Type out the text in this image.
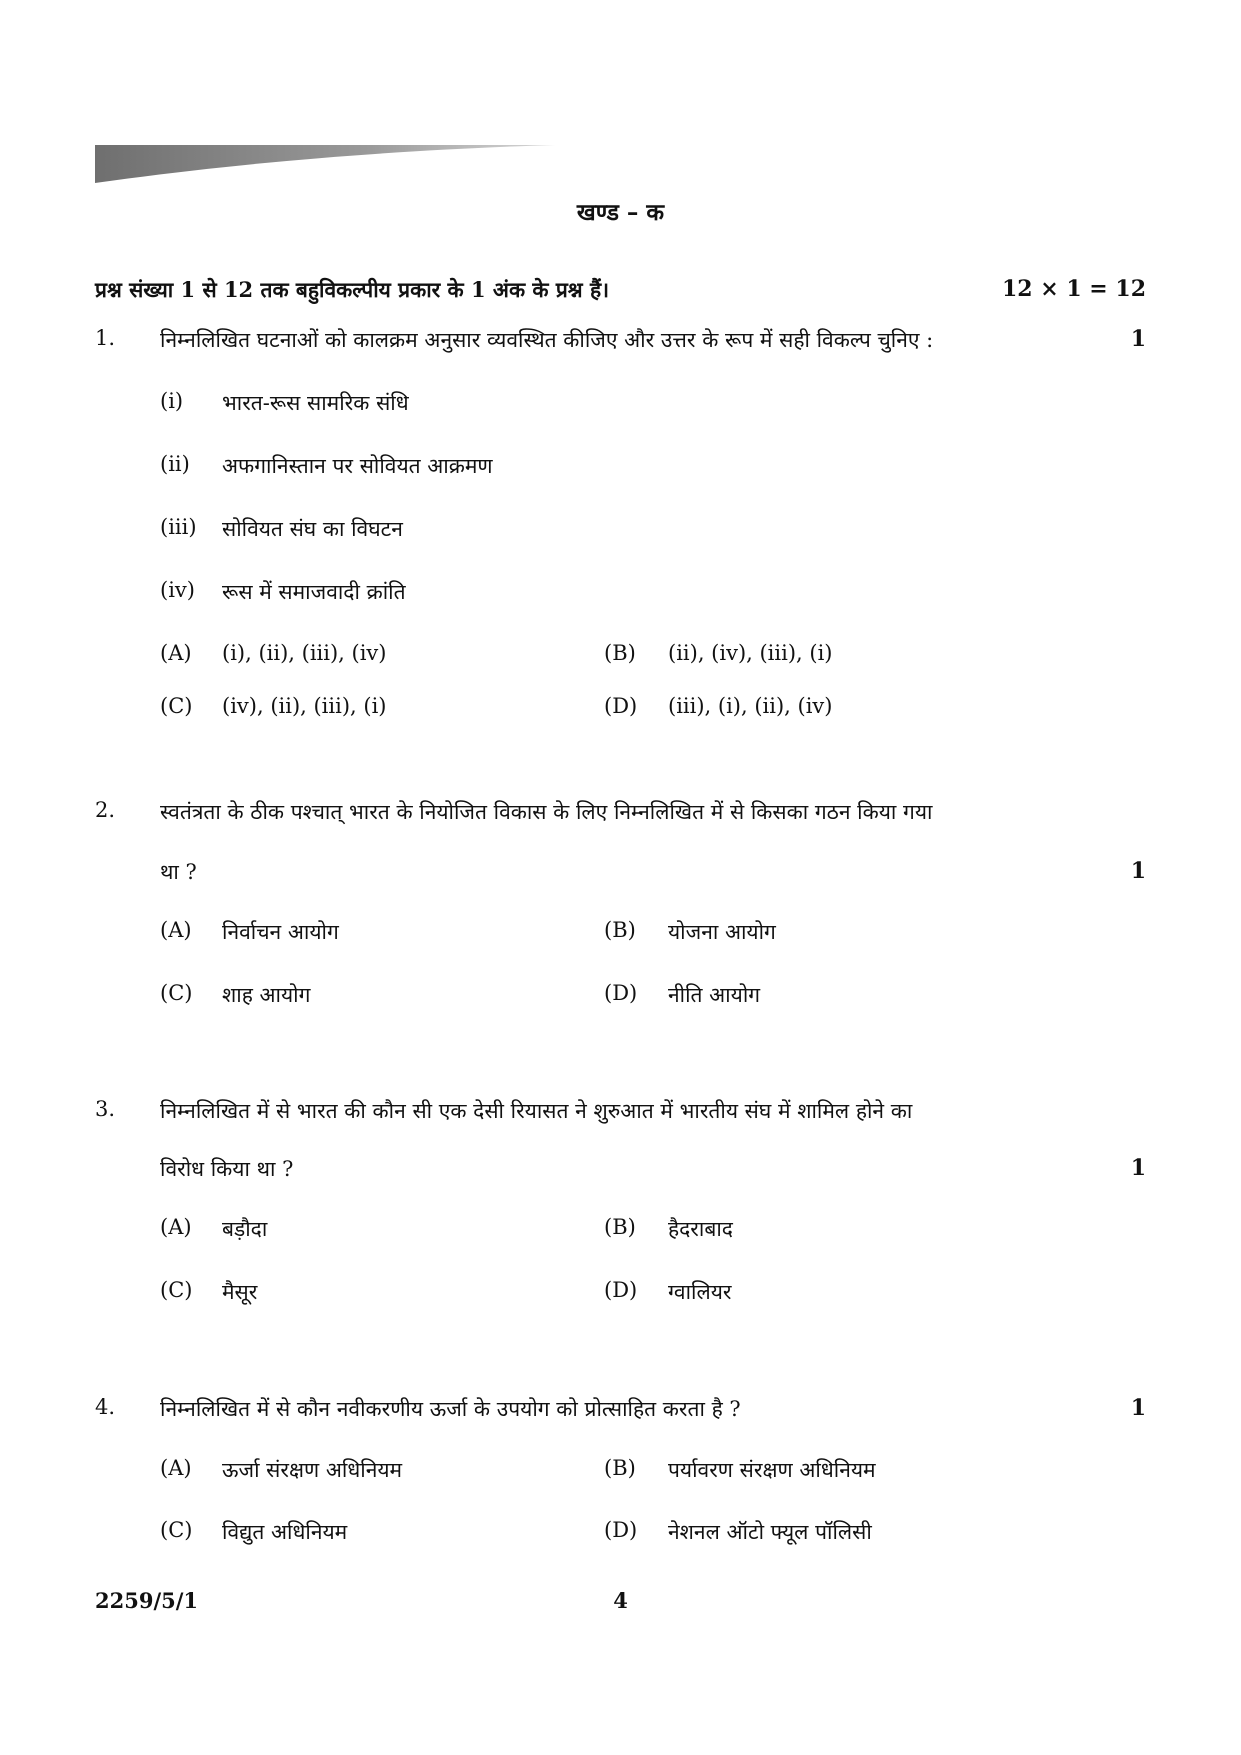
खण्ड – क
प्रश्न संख्या 1 से 12 तक बहुविकल्पीय प्रकार के 1 अंक के प्रश्न हैं।	12 × 1 = 12
1. निम्नलिखित घटनाओं को कालक्रम अनुसार व्यवस्थित कीजिए और उत्तर के रूप में सही विकल्प चुनिए :	1
(i) भारत-रूस सामरिक संधि
(ii) अफगानिस्तान पर सोवियत आक्रमण
(iii) सोवियत संघ का विघटन
(iv) रूस में समाजवादी क्रांति
(A) (i), (ii), (iii), (iv)	(B) (ii), (iv), (iii), (i)
(C) (iv), (ii), (iii), (i)	(D) (iii), (i), (ii), (iv)
2. स्वतंत्रता के ठीक पश्चात् भारत के नियोजित विकास के लिए निम्नलिखित में से किसका गठन किया गया
था ?	1
(A) निर्वाचन आयोग	(B) योजना आयोग
(C) शाह आयोग	(D) नीति आयोग
3. निम्नलिखित में से भारत की कौन सी एक देसी रियासत ने शुरुआत में भारतीय संघ में शामिल होने का
विरोध किया था ?	1
(A) बड़ौदा	(B) हैदराबाद
(C) मैसूर	(D) ग्वालियर
4. निम्नलिखित में से कौन नवीकरणीय ऊर्जा के उपयोग को प्रोत्साहित करता है ?	1
(A) ऊर्जा संरक्षण अधिनियम	(B) पर्यावरण संरक्षण अधिनियम
(C) विद्युत अधिनियम	(D) नेशनल ऑटो फ्यूल पॉलिसी
2259/5/1	4
